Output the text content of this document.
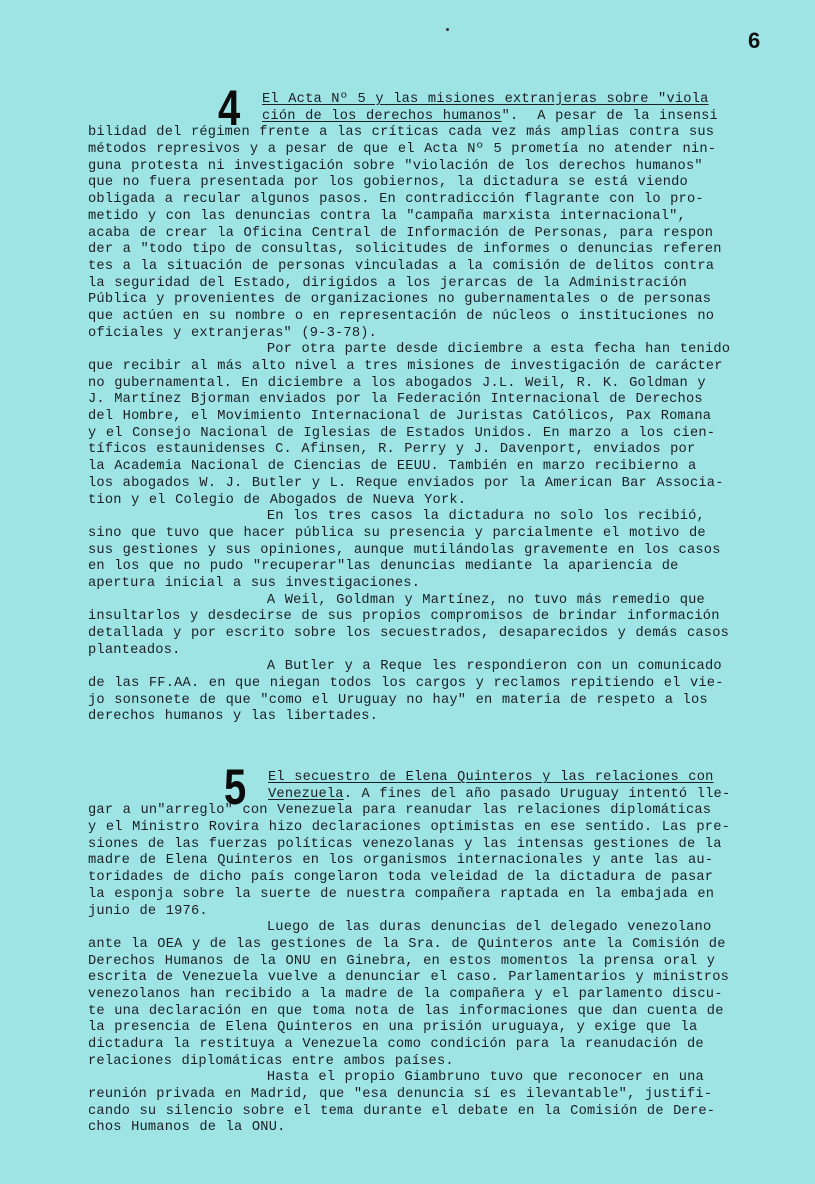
6
4	El Acta Nº 5 y las misiones extranjeras sobre "viola
ción de los derechos humanos".  A pesar de la insensi
bilidad del régimen frente a las críticas cada vez más amplias contra sus
métodos represivos y a pesar de que el Acta Nº 5 prometía no atender nin-
guna protesta ni investigación sobre "violación de los derechos humanos"
que no fuera presentada por los gobiernos, la dictadura se está viendo
obligada a recular algunos pasos. En contradicción flagrante con lo pro-
metido y con las denuncias contra la "campaña marxista internacional",
acaba de crear la Oficina Central de Información de Personas, para respon
der a "todo tipo de consultas, solicitudes de informes o denuncias referen
tes a la situación de personas vinculadas a la comisión de delitos contra
la seguridad del Estado, dirigidos a los jerarcas de la Administración
Pública y provenientes de organizaciones no gubernamentales o de personas
que actúen en su nombre o en representación de núcleos o instituciones no
oficiales y extranjeras" (9-3-78).
Por otra parte desde diciembre a esta fecha han tenido
que recibir al más alto nivel a tres misiones de investigación de carácter
no gubernamental. En diciembre a los abogados J.L. Weil, R. K. Goldman y
J. Martínez Bjorman enviados por la Federación Internacional de Derechos
del Hombre, el Movimiento Internacional de Juristas Católicos, Pax Romana
y el Consejo Nacional de Iglesias de Estados Unidos. En marzo a los cien-
tíficos estaunidenses C. Afinsen, R. Perry y J. Davenport, enviados por
la Academia Nacional de Ciencias de EEUU. También en marzo recibierno a
los abogados W. J. Butler y L. Reque enviados por la American Bar Associa-
tion y el Colegio de Abogados de Nueva York.
En los tres casos la dictadura no solo los recibió,
sino que tuvo que hacer pública su presencia y parcialmente el motivo de
sus gestiones y sus opiniones, aunque mutilándolas gravemente en los casos
en los que no pudo "recuperar"las denuncias mediante la apariencia de
apertura inicial a sus investigaciones.
A Weil, Goldman y Martínez, no tuvo más remedio que
insultarlos y desdecirse de sus propios compromisos de brindar información
detallada y por escrito sobre los secuestrados, desaparecidos y demás casos
planteados.
A Butler y a Reque les respondieron con un comunicado
de las FF.AA. en que niegan todos los cargos y reclamos repitiendo el vie-
jo sonsonete de que "como el Uruguay no hay" en materia de respeto a los
derechos humanos y las libertades.
5	El secuestro de Elena Quinteros y las relaciones con
Venezuela. A fines del año pasado Uruguay intentó lle-
gar a un"arreglo" con Venezuela para reanudar las relaciones diplomáticas
y el Ministro Rovira hizo declaraciones optimistas en ese sentido. Las pre-
siones de las fuerzas políticas venezolanas y las intensas gestiones de la
madre de Elena Quinteros en los organismos internacionales y ante las au-
toridades de dicho país congelaron toda veleidad de la dictadura de pasar
la esponja sobre la suerte de nuestra compañera raptada en la embajada en
junio de 1976.
Luego de las duras denuncias del delegado venezolano
ante la OEA y de las gestiones de la Sra. de Quinteros ante la Comisión de
Derechos Humanos de la ONU en Ginebra, en estos momentos la prensa oral y
escrita de Venezuela vuelve a denunciar el caso. Parlamentarios y ministros
venezolanos han recibido a la madre de la compañera y el parlamento discu-
te una declaración en que toma nota de las informaciones que dan cuenta de
la presencia de Elena Quinteros en una prisión uruguaya, y exige que la
dictadura la restituya a Venezuela como condición para la reanudación de
relaciones diplomáticas entre ambos países.
Hasta el propio Giambruno tuvo que reconocer en una
reunión privada en Madrid, que "esa denuncia sí es ilevantable", justifi-
cando su silencio sobre el tema durante el debate en la Comisión de Dere-
chos Humanos de la ONU.
